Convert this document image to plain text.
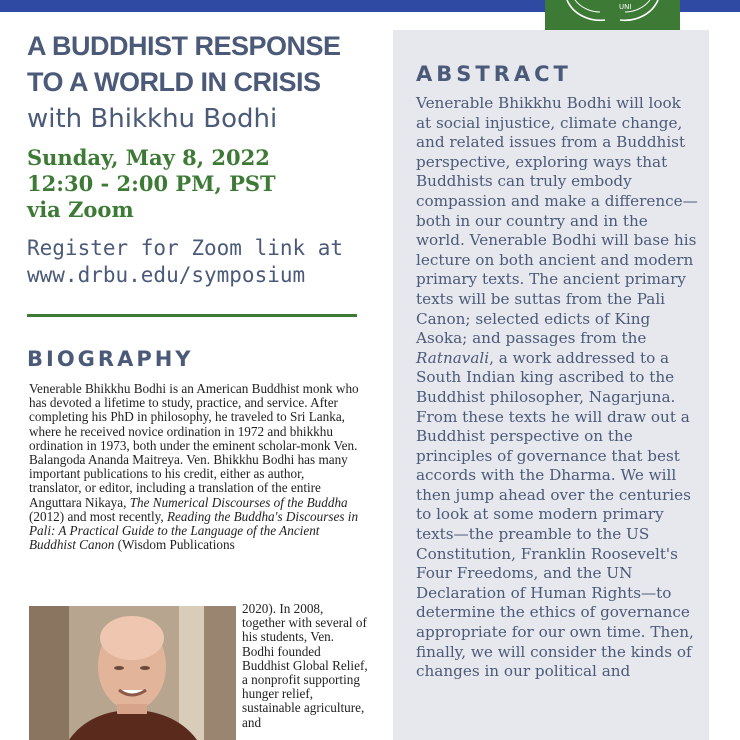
UNI
A BUDDHIST RESPONSE
TO A WORLD IN CRISIS
with Bhikkhu Bodhi
Sunday, May 8, 2022
12:30 - 2:00 PM, PST
via Zoom
Register for Zoom link at
www.drbu.edu/symposium
BIOGRAPHY
Venerable Bhikkhu Bodhi is an American Buddhist monk who has devoted a lifetime to study, practice, and service. After completing his PhD in philosophy, he traveled to Sri Lanka, where he received novice ordination in 1972 and bhikkhu ordination in 1973, both under the eminent scholar-monk Ven. Balangoda Ananda Maitreya. Ven. Bhikkhu Bodhi has many important publications to his credit, either as author, translator, or editor, including a translation of the entire Anguttara Nikaya, The Numerical Discourses of the Buddha (2012) and most recently, Reading the Buddha's Discourses in Pali: A Practical Guide to the Language of the Ancient Buddhist Canon (Wisdom Publications
2020). In 2008, together with several of his students, Ven. Bodhi founded Buddhist Global Relief, a nonprofit supporting hunger relief, sustainable agriculture, and
ABSTRACT
Venerable Bhikkhu Bodhi will look at social injustice, climate change, and related issues from a Buddhist perspective, exploring ways that Buddhists can truly embody compassion and make a difference—both in our country and in the world. Venerable Bodhi will base his lecture on both ancient and modern primary texts. The ancient primary texts will be suttas from the Pali Canon; selected edicts of King Asoka; and passages from the Ratnavali, a work addressed to a South Indian king ascribed to the Buddhist philosopher, Nagarjuna. From these texts he will draw out a Buddhist perspective on the principles of governance that best accords with the Dharma. We will then jump ahead over the centuries to look at some modern primary texts—the preamble to the US Constitution, Franklin Roosevelt's Four Freedoms, and the UN Declaration of Human Rights—to determine the ethics of governance appropriate for our own time. Then, finally, we will consider the kinds of changes in our political and
